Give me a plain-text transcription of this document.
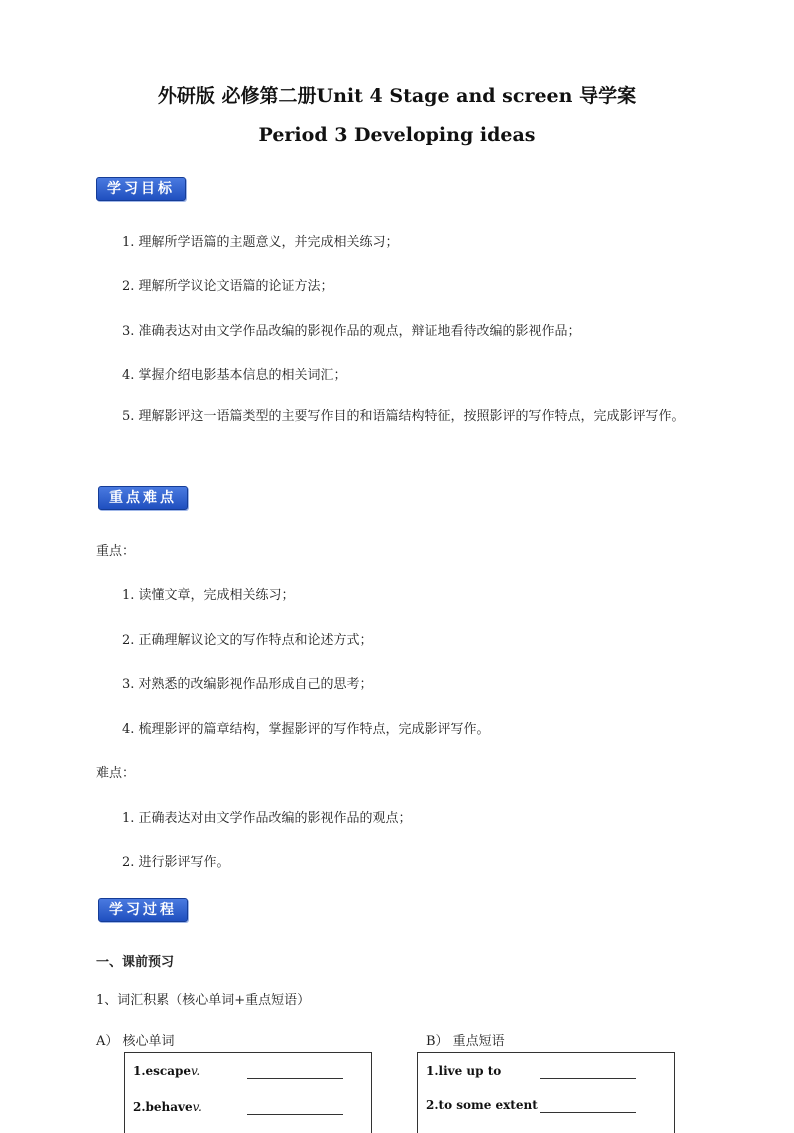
外研版 必修第二册Unit 4 Stage and screen 导学案
Period 3 Developing ideas
学习目标
1. 理解所学语篇的主题意义，并完成相关练习；
2. 理解所学议论文语篇的论证方法；
3. 准确表达对由文学作品改编的影视作品的观点，辩证地看待改编的影视作品；
4. 掌握介绍电影基本信息的相关词汇；
5. 理解影评这一语篇类型的主要写作目的和语篇结构特征，按照影评的写作特点，完成影评写作。
重点难点
重点：
1. 读懂文章，完成相关练习；
2. 正确理解议论文的写作特点和论述方式；
3. 对熟悉的改编影视作品形成自己的思考；
4. 梳理影评的篇章结构，掌握影评的写作特点，完成影评写作。
难点：
1. 正确表达对由文学作品改编的影视作品的观点；
2. 进行影评写作。
学习过程
一、课前预习
1、词汇积累（核心单词+重点短语）
A） 核心单词	B） 重点短语
1.escapev.
2.behavev.
1.live up to
2.to some extent
